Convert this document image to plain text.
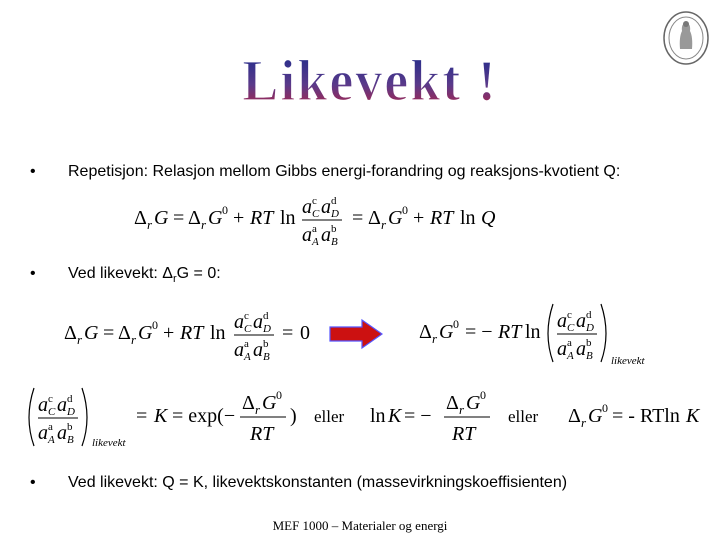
Likevekt !
• Repetisjon: Relasjon mellom Gibbs energi-forandring og reaksjons-kvotient Q:
Δ r G = Δ r G 0 + RT ln a c
C a d
D
a a
A a b
B
= Δ r G 0 + RT ln Q
• Ved likevekt: $\Delta_rG = 0$:
Δ r G = Δ r G 0 + RT ln a c
C a d
D
a a
A a b
B
= 0	Δ r G 0 = − RT ln a c
C a d
D
a a
A a b
B likevekt
a c
C a d
D
a a
A a b
B likevekt
= K = exp(−
Δ r G 0
RT
) eller ln K = −
Δ r G 0
RT
eller Δ r G 0 = - RTln K
• Ved likevekt: Q = K, likevektskonstanten (massevirkningskoeffisienten)
MEF 1000 – Materialer og energi
